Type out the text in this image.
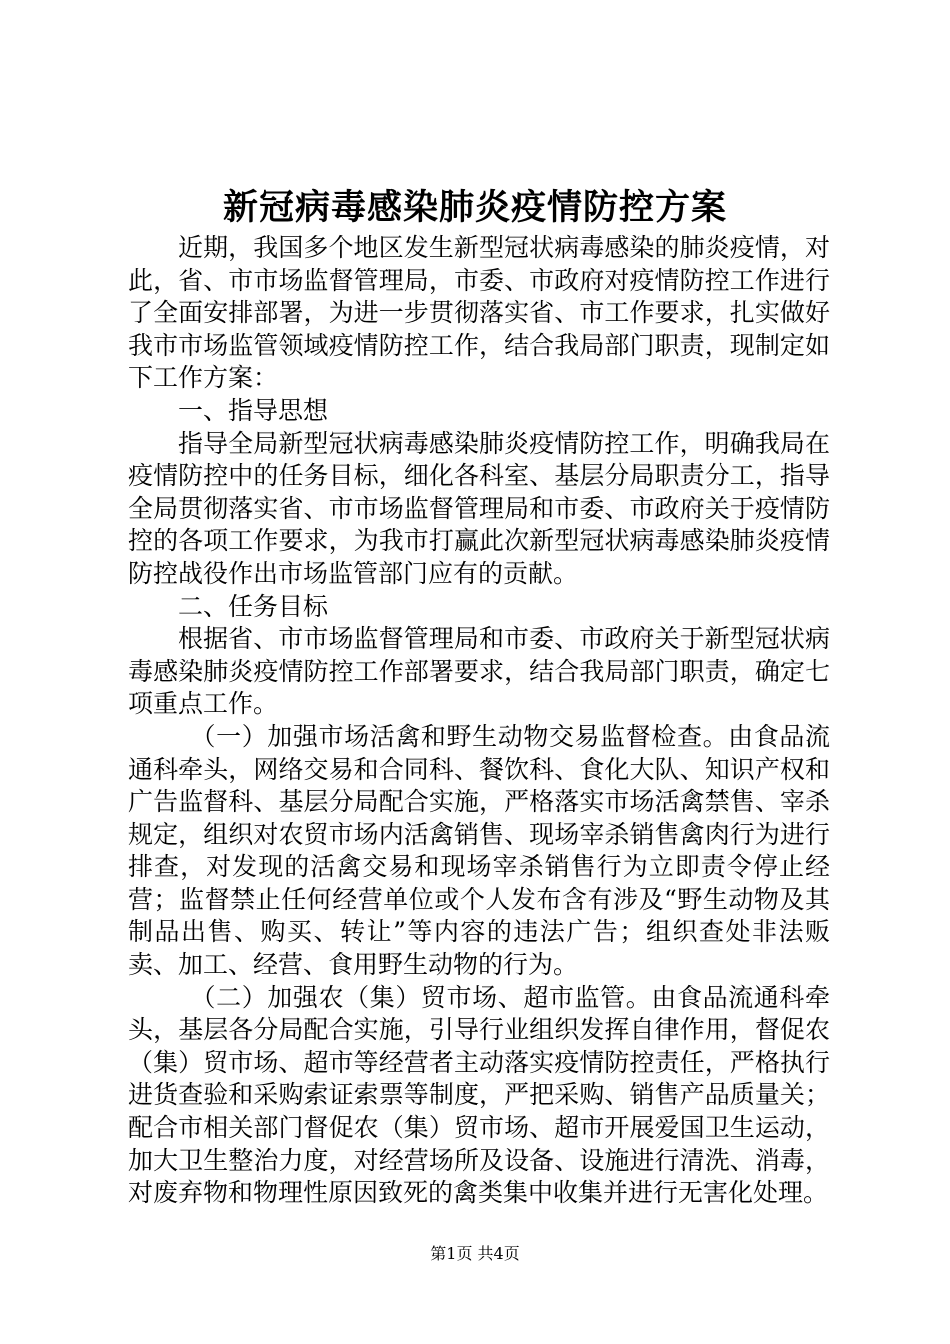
新冠病毒感染肺炎疫情防控方案

近期，我国多个地区发生新型冠状病毒感染的肺炎疫情，对此，省、市市场监督管理局，市委、市政府对疫情防控工作进行了全面安排部署，为进一步贯彻落实省、市工作要求，扎实做好我市市场监管领域疫情防控工作，结合我局部门职责，现制定如下工作方案：

一、指导思想

指导全局新型冠状病毒感染肺炎疫情防控工作，明确我局在疫情防控中的任务目标，细化各科室、基层分局职责分工，指导全局贯彻落实省、市市场监督管理局和市委、市政府关于疫情防控的各项工作要求，为我市打赢此次新型冠状病毒感染肺炎疫情防控战役作出市场监管部门应有的贡献。

二、任务目标

根据省、市市场监督管理局和市委、市政府关于新型冠状病毒感染肺炎疫情防控工作部署要求，结合我局部门职责，确定七项重点工作。

（一）加强市场活禽和野生动物交易监督检查。由食品流通科牵头，网络交易和合同科、餐饮科、食化大队、知识产权和广告监督科、基层分局配合实施，严格落实市场活禽禁售、宰杀规定，组织对农贸市场内活禽销售、现场宰杀销售禽肉行为进行排查，对发现的活禽交易和现场宰杀销售行为立即责令停止经营；监督禁止任何经营单位或个人发布含有涉及“野生动物及其制品出售、购买、转让”等内容的违法广告；组织查处非法贩卖、加工、经营、食用野生动物的行为。

（二）加强农（集）贸市场、超市监管。由食品流通科牵头，基层各分局配合实施，引导行业组织发挥自律作用，督促农（集）贸市场、超市等经营者主动落实疫情防控责任，严格执行进货查验和采购索证索票等制度，严把采购、销售产品质量关；配合市相关部门督促农（集）贸市场、超市开展爱国卫生运动，加大卫生整治力度，对经营场所及设备、设施进行清洗、消毒，对废弃物和物理性原因致死的禽类集中收集并进行无害化处理。

第1页 共4页
